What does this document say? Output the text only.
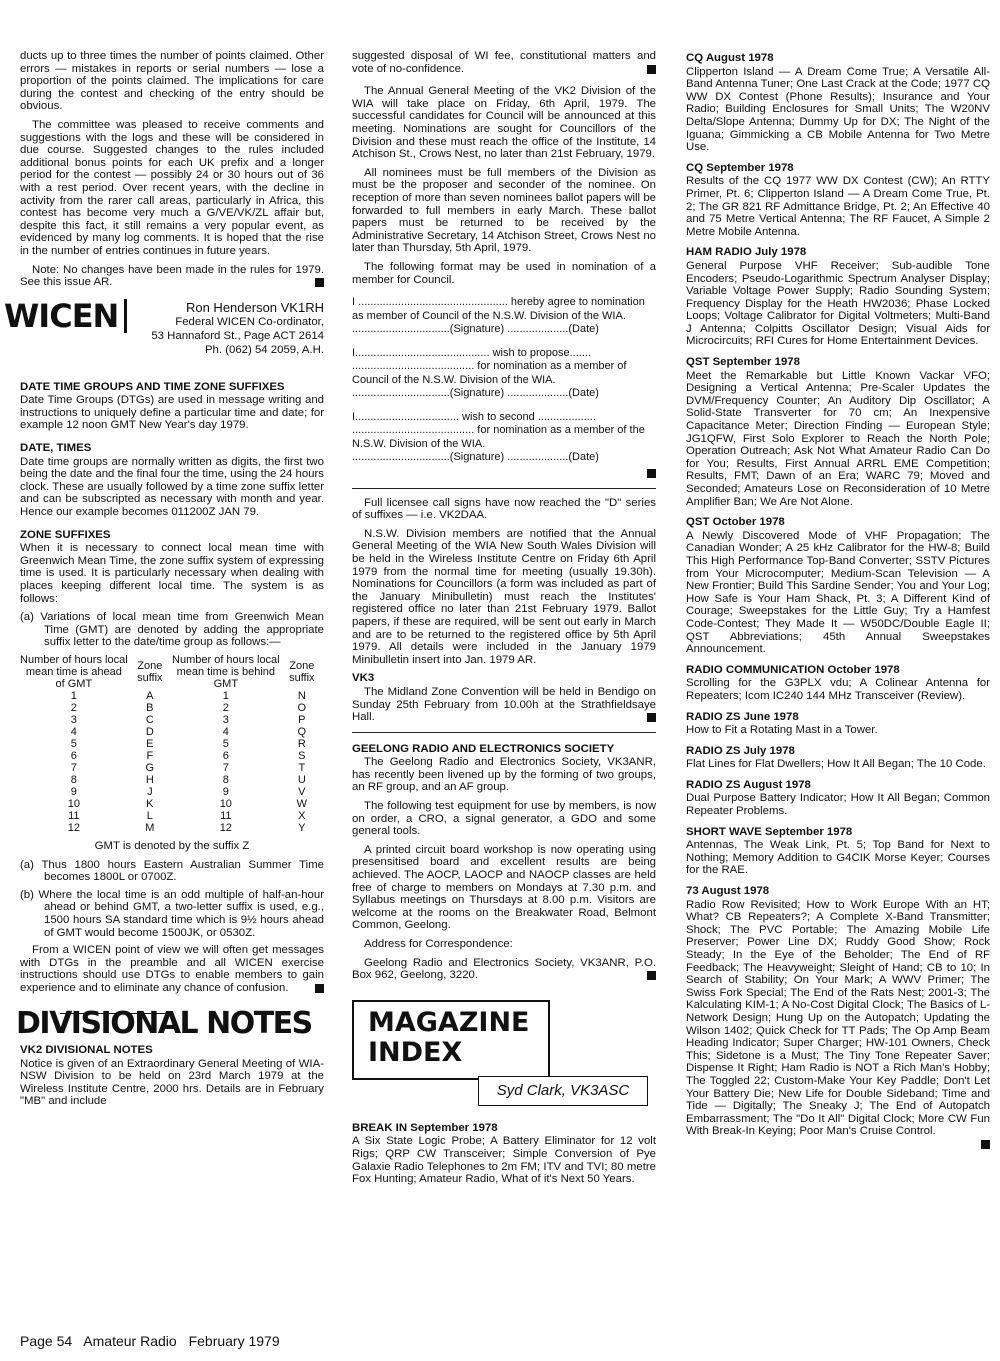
ducts up to three times the number of points claimed. Other errors — mistakes in reports or serial numbers — lose a proportion of the points claimed. The implications for care during the contest and checking of the entry should be obvious.

The committee was pleased to receive comments and suggestions with the logs and these will be considered in due course. Suggested changes to the rules included additional bonus points for each UK prefix and a longer period for the contest — possibly 24 or 30 hours out of 36 with a rest period. Over recent years, with the decline in activity from the rarer call areas, particularly in Africa, this contest has become very much a G/VE/VK/ZL affair but, despite this fact, it still remains a very popular event, as evidenced by many log comments. It is hoped that the rise in the number of entries continues in future years.

Note: No changes have been made in the rules for 1979. See this issue AR.

WICEN	Ron Henderson VK1RH
Federal WICEN Co-ordinator,
53 Hannaford St., Page ACT 2614
Ph. (062) 54 2059, A.H.
DATE TIME GROUPS AND TIME ZONE SUFFIXES

Date Time Groups (DTGs) are used in message writing and instructions to uniquely define a particular time and date; for example 12 noon GMT New Year's day 1979.

DATE, TIMES

Date time groups are normally written as digits, the first two being the date and the final four the time, using the 24 hours clock. These are usually followed by a time zone suffix letter and can be subscripted as necessary with month and year. Hence our example becomes 011200Z JAN 79.

ZONE SUFFIXES

When it is necessary to connect local mean time with Greenwich Mean Time, the zone suffix system of expressing time is used. It is particularly necessary when dealing with places keeping different local time. The system is as follows:

(a) Variations of local mean time from Greenwich Mean Time (GMT) are denoted by adding the appropriate suffix letter to the date/time group as follows:—
Number of hours local mean time is ahead of GMT	Zone suffix	Number of hours local mean time is behind GMT	Zone suffix
1	A	1	N
2	B	2	O
3	C	3	P
4	D	4	Q
5	E	5	R
6	F	6	S
7	G	7	T
8	H	8	U
9	J	9	V
10	K	10	W
11	L	11	X
12	M	12	Y
GMT is denoted by the suffix Z
(a) Thus 1800 hours Eastern Australian Summer Time becomes 1800L or 0700Z.
(b) Where the local time is an odd multiple of half-an-hour ahead or behind GMT, a two-letter suffix is used, e.g., 1500 hours SA standard time which is 9½ hours ahead of GMT would become 1500JK, or 0530Z.

From a WICEN point of view we will often get messages with DTGs in the preamble and all WICEN exercise instructions should use DTGs to enable members to gain experience and to eliminate any chance of confusion.

DIVISIONAL NOTES
VK2 DIVISIONAL NOTES

Notice is given of an Extraordinary General Meeting of WIA-NSW Division to be held on 23rd March 1979 at the Wireless Institute Centre, 2000 hrs. Details are in February "MB" and include

suggested disposal of WI fee, constitutional matters and vote of no-confidence.

The Annual General Meeting of the VK2 Division of the WIA will take place on Friday, 6th April, 1979. The successful candidates for Council will be announced at this meeting. Nominations are sought for Councillors of the Division and these must reach the office of the Institute, 14 Atchison St., Crows Nest, no later than 21st February, 1979.

All nominees must be full members of the Division as must be the proposer and seconder of the nominee. On reception of more than seven nominees ballot papers will be forwarded to full members in early March. These ballot papers must be returned to be received by the Administrative Secretary, 14 Atchison Street, Crows Nest no later than Thursday, 5th April, 1979.

The following format may be used in nomination of a member for Council.

I ................................................. hereby agree to nomination as member of Council of the N.S.W. Division of the WIA.
................................(Signature) ....................(Date)
I............................................ wish to propose....... ........................................ for nomination as a member of Council of the N.S.W. Division of the WIA.
................................(Signature) ....................(Date)
I.................................. wish to second ................... ........................................ for nomination as a member of the N.S.W. Division of the WIA.
................................(Signature) ....................(Date)

Full licensee call signs have now reached the "D" series of suffixes — i.e. VK2DAA.

N.S.W. Division members are notified that the Annual General Meeting of the WIA New South Wales Division will be held in the Wireless Institute Centre on Friday 6th April 1979 from the normal time for meeting (usually 19.30h). Nominations for Councillors (a form was included as part of the January Minibulletin) must reach the Institutes' registered office no later than 21st February 1979. Ballot papers, if these are required, will be sent out early in March and are to be returned to the registered office by 5th April 1979. All details were included in the January 1979 Minibulletin insert into Jan. 1979 AR.

VK3

The Midland Zone Convention will be held in Bendigo on Sunday 25th February from 10.00h at the Strathfieldsaye Hall.

GEELONG RADIO AND ELECTRONICS SOCIETY

The Geelong Radio and Electronics Society, VK3ANR, has recently been livened up by the forming of two groups, an RF group, and an AF group.

The following test equipment for use by members, is now on order, a CRO, a signal generator, a GDO and some general tools.

A printed circuit board workshop is now operating using presensitised board and excellent results are being achieved. The AOCP, LAOCP and NAOCP classes are held free of charge to members on Mondays at 7.30 p.m. and Syllabus meetings on Thursdays at 8.00 p.m. Visitors are welcome at the rooms on the Breakwater Road, Belmont Common, Geelong.

Address for Correspondence:

Geelong Radio and Electronics Society, VK3ANR, P.O. Box 962, Geelong, 3220.

MAGAZINE
INDEX
Syd Clark, VK3ASC
BREAK IN September 1978

A Six State Logic Probe; A Battery Eliminator for 12 volt Rigs; QRP CW Transceiver; Simple Conversion of Pye Galaxie Radio Telephones to 2m FM; ITV and TVI; 80 metre Fox Hunting; Amateur Radio, What of it's Next 50 Years.

CQ August 1978
Clipperton Island — A Dream Come True; A Versatile All-Band Antenna Tuner; One Last Crack at the Code; 1977 CQ WW DX Contest (Phone Results); Insurance and Your Radio; Building Enclosures for Small Units; The W20NV Delta/Slope Antenna; Dummy Up for DX; The Night of the Iguana; Gimmicking a CB Mobile Antenna for Two Metre Use.
CQ September 1978
Results of the CQ 1977 WW DX Contest (CW); An RTTY Primer, Pt. 6; Clipperton Island — A Dream Come True, Pt. 2; The GR 821 RF Admittance Bridge, Pt. 2; An Effective 40 and 75 Metre Vertical Antenna; The RF Faucet, A Simple 2 Metre Mobile Antenna.
HAM RADIO July 1978
General Purpose VHF Receiver; Sub-audible Tone Encoders; Pseudo-Logarithmic Spectrum Analyser Display; Variable Voltage Power Supply; Radio Sounding System; Frequency Display for the Heath HW2036; Phase Locked Loops; Voltage Calibrator for Digital Voltmeters; Multi-Band J Antenna; Colpitts Oscillator Design; Visual Aids for Microcircuits; RFI Cures for Home Entertainment Devices.
QST September 1978
Meet the Remarkable but Little Known Vackar VFO; Designing a Vertical Antenna; Pre-Scaler Updates the DVM/Frequency Counter; An Auditory Dip Oscillator; A Solid-State Transverter for 70 cm; An Inexpensive Capacitance Meter; Direction Finding — European Style; JG1QFW, First Solo Explorer to Reach the North Pole; Operation Outreach; Ask Not What Amateur Radio Can Do for You; Results, First Annual ARRL EME Competition; Results, FMT; Dawn of an Era; WARC 79; Moved and Seconded; Amateurs Lose on Reconsideration of 10 Metre Amplifier Ban; We Are Not Alone.
QST October 1978
A Newly Discovered Mode of VHF Propagation; The Canadian Wonder; A 25 kHz Calibrator for the HW-8; Build This High Performance Top-Band Converter; SSTV Pictures from Your Microcomputer; Medium-Scan Television — A New Frontier; Build This Sardine Sender; You and Your Log; How Safe is Your Ham Shack, Pt. 3; A Different Kind of Courage; Sweepstakes for the Little Guy; Try a Hamfest Code-Contest; They Made It — W50DC/Double Eagle II; QST Abbreviations; 45th Annual Sweepstakes Announcement.
RADIO COMMUNICATION October 1978
Scrolling for the G3PLX vdu; A Colinear Antenna for Repeaters; Icom IC240 144 MHz Transceiver (Review).
RADIO ZS June 1978
How to Fit a Rotating Mast in a Tower.
RADIO ZS July 1978
Flat Lines for Flat Dwellers; How It All Began; The 10 Code.
RADIO ZS August 1978
Dual Purpose Battery Indicator; How It All Began; Common Repeater Problems.
SHORT WAVE September 1978
Antennas, The Weak Link, Pt. 5; Top Band for Next to Nothing; Memory Addition to G4CIK Morse Keyer; Courses for the RAE.
73 August 1978
Radio Row Revisited; How to Work Europe With an HT; What? CB Repeaters?; A Complete X-Band Transmitter; Shock; The PVC Portable; The Amazing Mobile Life Preserver; Power Line DX; Ruddy Good Show; Rock Steady; In the Eye of the Beholder; The End of RF Feedback; The Heavyweight; Sleight of Hand; CB to 10; In Search of Stability; On Your Mark; A WWV Primer; The Swiss Fork Special; The End of the Rats Nest; 2001-3; The Kalculating KIM-1; A No-Cost Digital Clock; The Basics of L-Network Design; Hung Up on the Autopatch; Updating the Wilson 1402; Quick Check for TT Pads; The Op Amp Beam Heading Indicator; Super Charger; HW-101 Owners, Check This; Sidetone is a Must; The Tiny Tone Repeater Saver; Dispense It Right; Ham Radio is NOT a Rich Man's Hobby; The Toggled 22; Custom-Make Your Key Paddle; Don't Let Your Battery Die; New Life for Double Sideband; Time and Tide — Digitally; The Sneaky J; The End of Autopatch Embarrassment; The "Do It All" Digital Clock; More CW Fun With Break-In Keying; Poor Man's Cruise Control.
Page 54 Amateur Radio February 1979
